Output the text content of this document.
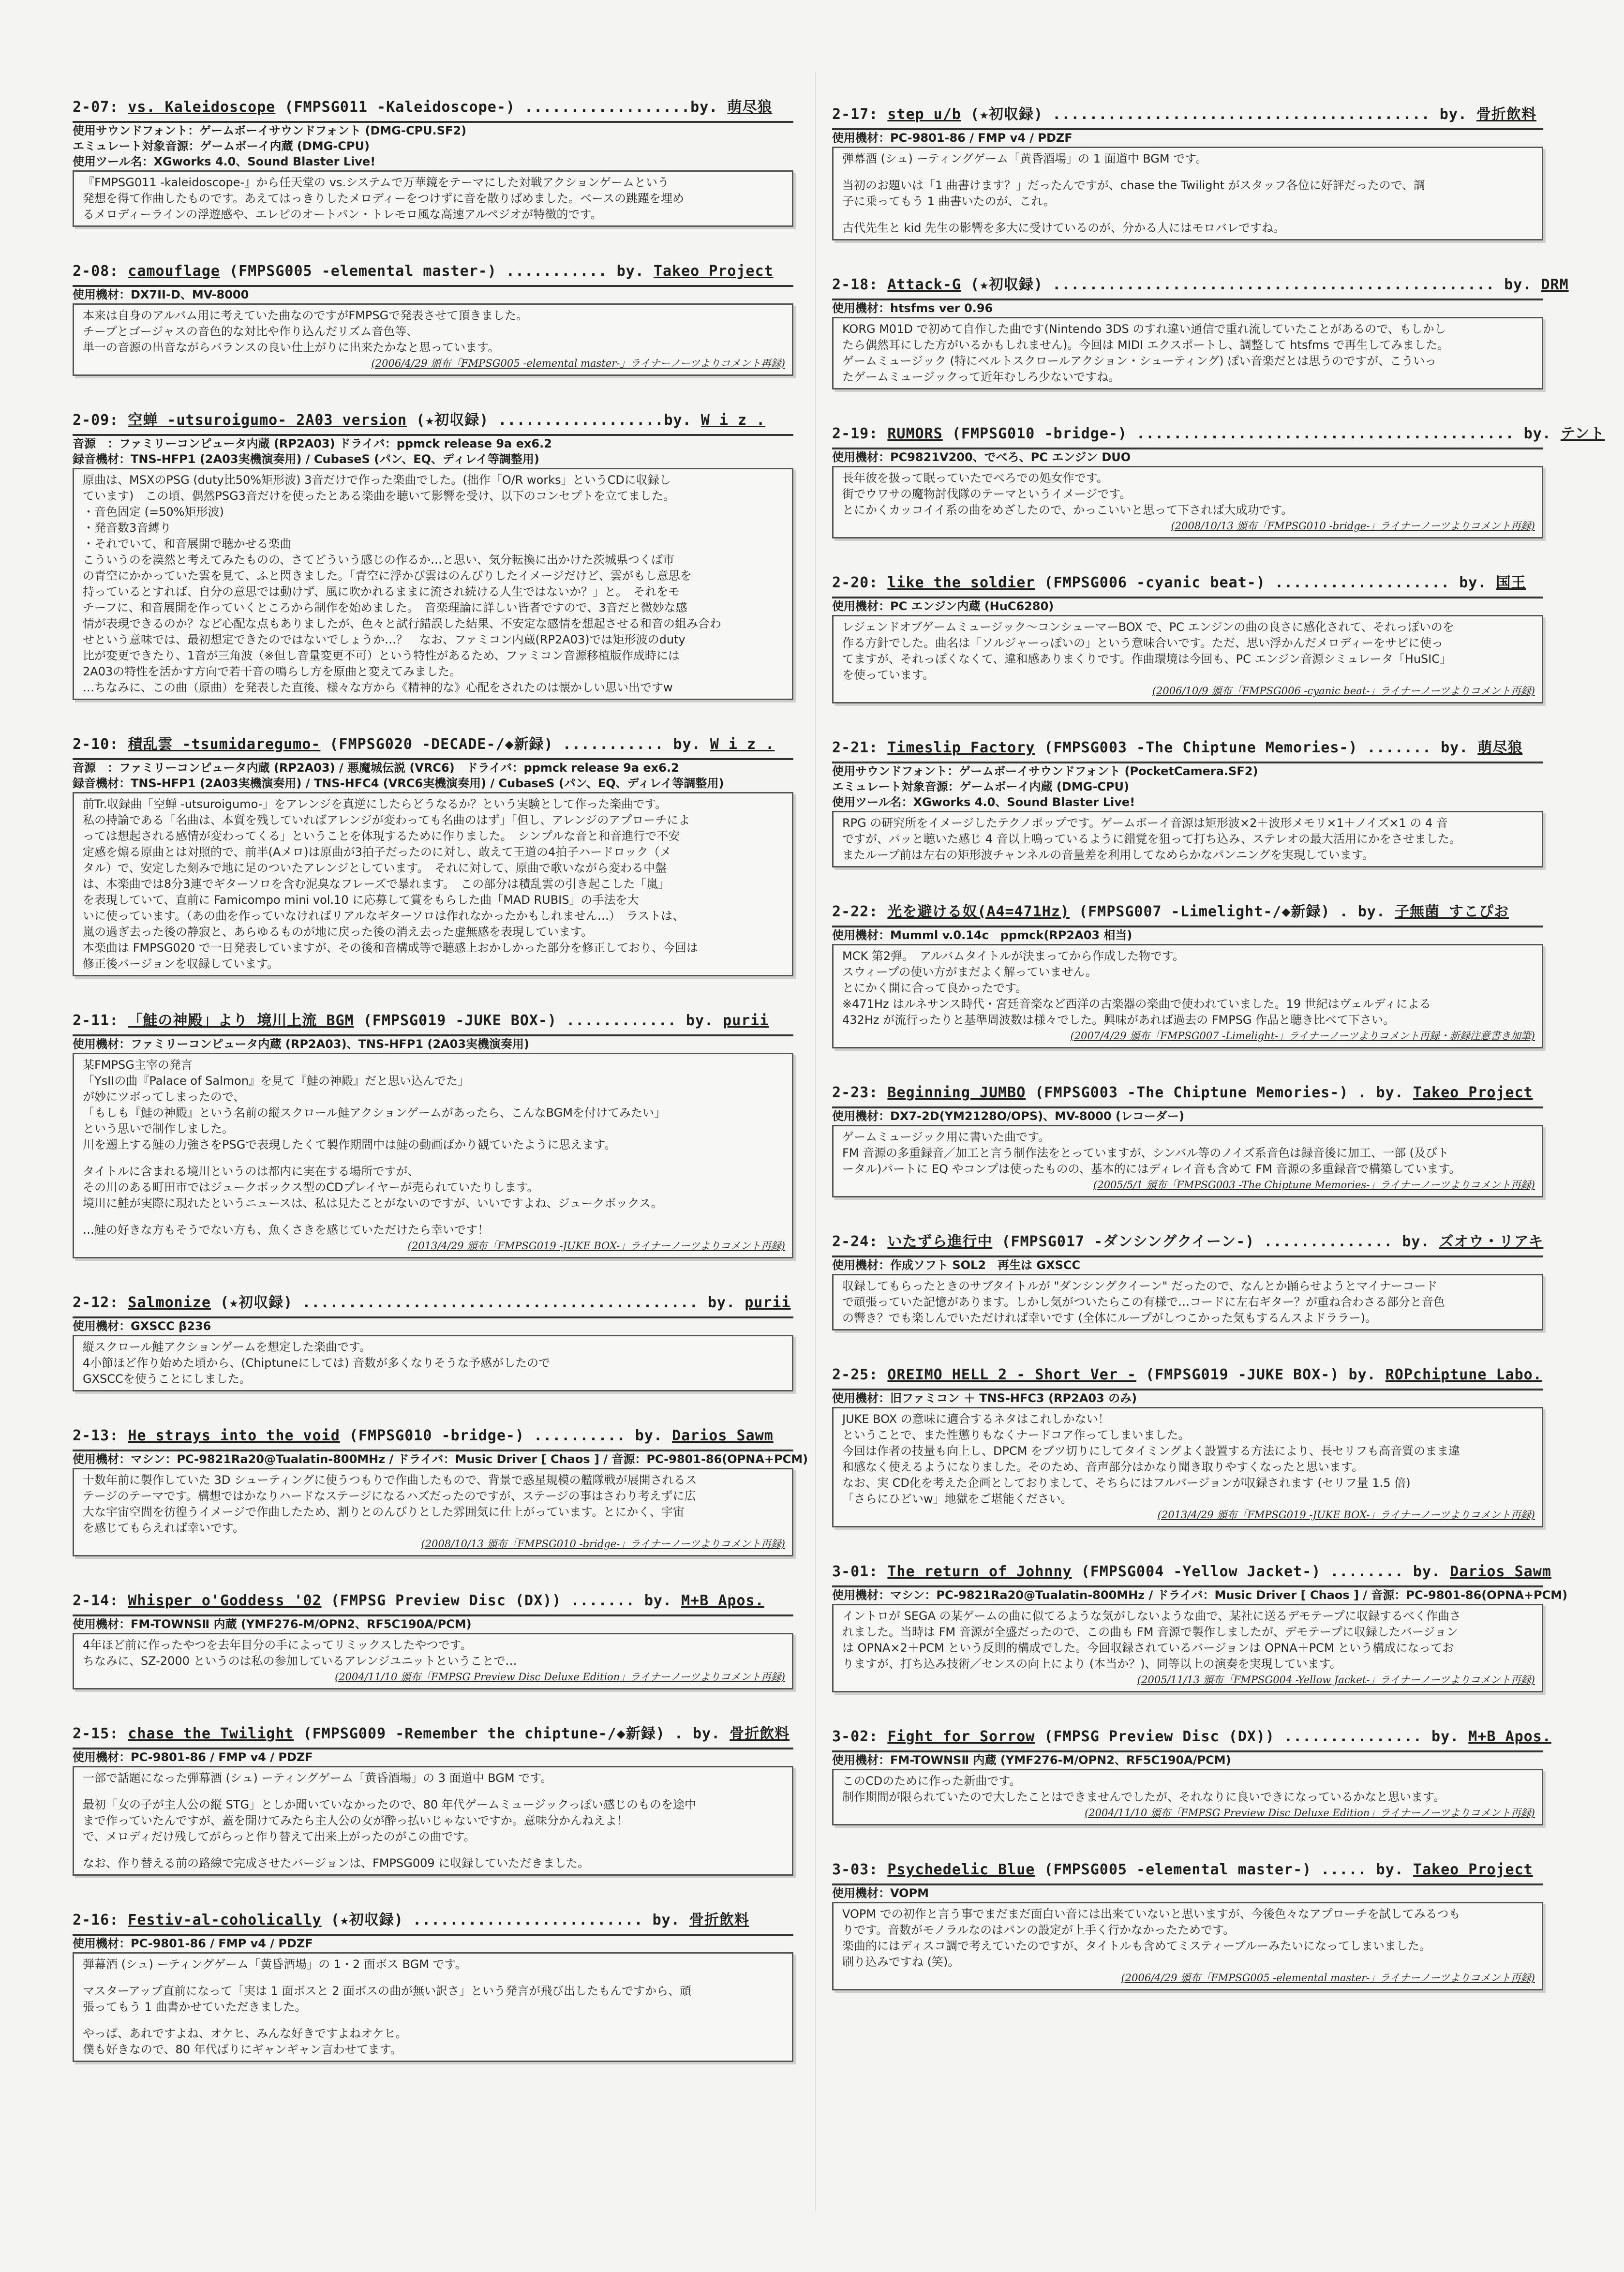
2-07: vs. Kaleidoscope (FMPSG011 -Kaleidoscope-) ..................by. 萌尽狼
使用サウンドフォント：ゲームボーイサウンドフォント (DMG-CPU.SF2)
エミュレート対象音源：ゲームボーイ内蔵 (DMG-CPU)
使用ツール名：XGworks 4.0、Sound Blaster Live!

『FMPSG011 -kaleidoscope-』から任天堂の vs.システムで万華鏡をテーマにした対戦アクションゲームという

発想を得て作曲したものです。あえてはっきりしたメロディーをつけずに音を散りばめました。ベースの跳躍を埋め

るメロディーラインの浮遊感や、エレピのオートパン・トレモロ風な高速アルペジオが特徴的です。

2-08: camouflage (FMPSG005 -elemental master-) ........... by. Takeo Project
使用機材：DX7II-D、MV-8000

本来は自身のアルバム用に考えていた曲なのですがFMPSGで発表させて頂きました。

チープとゴージャスの音色的な対比や作り込んだリズム音色等、

単一の音源の出音ながらバランスの良い仕上がりに出来たかなと思っています。

(2006/4/29 頒布「FMPSG005 -elemental master-」ライナーノーツよりコメント再録)
2-09: 空蝉 -utsuroigumo- 2A03 version (★初収録) ..................by. W i z .
音源　：ファミリーコンピュータ内蔵 (RP2A03) ドライバ：ppmck release 9a ex6.2
録音機材：TNS-HFP1 (2A03実機演奏用) / CubaseS (パン、EQ、ディレイ等調整用)

原曲は、MSXのPSG (duty比50%矩形波) 3音だけで作った楽曲でした。(拙作「O/R works」というCDに収録し

ています)　この頃、偶然PSG3音だけを使ったとある楽曲を聴いて影響を受け、以下のコンセプトを立てました。

・音色固定 (=50%矩形波)

・発音数3音縛り

・それでいて、和音展開で聴かせる楽曲

こういうのを漠然と考えてみたものの、さてどういう感じの作るか…と思い、気分転換に出かけた茨城県つくば市

の青空にかかっていた雲を見て、ふと閃きました。「青空に浮かび雲はのんびりしたイメージだけど、雲がもし意思を

持っているとすれば、自分の意思では動けず、風に吹かれるままに流され続ける人生ではないか？」と。　それをモ

チーフに、和音展開を作っていくところから制作を始めました。　音楽理論に詳しい皆者ですので、3音だと微妙な感

情が表現できるのか？など心配な点もありましたが、色々と試行錯誤した結果、不安定な感情を想起させる和音の組み合わ

せという意味では、最初想定できたのではないでしょうか…？　なお、ファミコン内蔵(RP2A03)では矩形波のduty

比が変更できたり、1音が三角波（※但し音量変更不可）という特性があるため、ファミコン音源移植版作成時には

2A03の特性を活かす方向で若干音の鳴らし方を原曲と変えてみました。

…ちなみに、この曲（原曲）を発表した直後、様々な方から《精神的な》心配をされたのは懐かしい思い出ですw

2-10: 積乱雲 -tsumidaregumo- (FMPSG020 -DECADE-/◆新録) ........... by. W i z .
音源　：ファミリーコンピュータ内蔵 (RP2A03) / 悪魔城伝説 (VRC6)　ドライバ：ppmck release 9a ex6.2
録音機材：TNS-HFP1 (2A03実機演奏用) / TNS-HFC4 (VRC6実機演奏用) / CubaseS (パン、EQ、ディレイ等調整用)

前Tr.収録曲「空蝉 -utsuroigumo-」をアレンジを真逆にしたらどうなるか？という実験として作った楽曲です。

私の持論である「名曲は、本質を残していればアレンジが変わっても名曲のはず」「但し、アレンジのアプローチによ

っては想起される感情が変わってくる」ということを体現するために作りました。　シンプルな音と和音進行で不安

定感を煽る原曲とは対照的で、前半(Aメロ)は原曲が3拍子だったのに対し、敢えて王道の4拍子ハードロック（メ

タル）で、安定した刻みで地に足のついたアレンジとしています。　それに対して、原曲で歌いながら変わる中盤

は、本楽曲では8分3連でギターソロを含む泥臭なフレーズで暴れます。　この部分は積乱雲の引き起こした「嵐」

を表現していて、直前に Famicompo mini vol.10 に応募して賞をもらした曲「MAD RUBIS」の手法を大

いに使っています。（あの曲を作っていなければリアルなギターソロは作れなかったかもしれません…）　ラストは、

嵐の過ぎ去った後の静寂と、あらゆるものが地に戻った後の消え去った虚無感を表現しています。

本楽曲は FMPSG020 で一日発表していますが、その後和音構成等で聴感上おかしかった部分を修正しており、今回は

修正後バージョンを収録しています。

2-11: 「鮭の神殿」より 境川上流 BGM (FMPSG019 -JUKE BOX-) ............ by. purii
使用機材：ファミリーコンピュータ内蔵 (RP2A03)、TNS-HFP1 (2A03実機演奏用)

某FMPSG主宰の発言

「YsIIの曲『Palace of Salmon』を見て『鮭の神殿』だと思い込んでた」

が妙にツボってしまったので、

「もしも『鮭の神殿』という名前の縦スクロール鮭アクションゲームがあったら、こんなBGMを付けてみたい」

という思いで制作しました。

川を遡上する鮭の力強さをPSGで表現したくて製作期間中は鮭の動画ばかり観ていたように思えます。

タイトルに含まれる境川というのは都内に実在する場所ですが、

その川のある町田市ではジュークボックス型のCDプレイヤーが売られていたりします。

境川に鮭が実際に現れたというニュースは、私は見たことがないのですが、いいですよね、ジュークボックス。

…鮭の好きな方もそうでない方も、魚くさきを感じていただけたら幸いです！

(2013/4/29 頒布「FMPSG019 -JUKE BOX-」ライナーノーツよりコメント再録)
2-12: Salmonize (★初収録) ........................................... by. purii
使用機材：GXSCC β236

縦スクロール鮭アクションゲームを想定した楽曲です。

4小節ほど作り始めた頃から、(Chiptuneにしては) 音数が多くなりそうな予感がしたので

GXSCCを使うことにしました。

2-13: He strays into the void (FMPSG010 -bridge-) .......... by. Darios Sawm
使用機材：マシン：PC-9821Ra20@Tualatin-800MHz / ドライバ：Music Driver [ Chaos ] / 音源：PC-9801-86(OPNA+PCM)

十数年前に製作していた 3D シューティングに使うつもりで作曲したもので、背景で惑星規模の艦隊戦が展開されるス

テージのテーマです。構想ではかなりハードなステージになるハズだったのですが、ステージの事はさわり考えずに広

大な宇宙空間を彷徨うイメージで作曲したため、割りとのんびりとした雰囲気に仕上がっています。とにかく、宇宙

を感じてもらえれば幸いです。

(2008/10/13 頒布「FMPSG010 -bridge-」ライナーノーツよりコメント再録)
2-14: Whisper o'Goddess '02 (FMPSG Preview Disc (DX)) ....... by. M+B Apos.
使用機材：FM-TOWNSⅡ 内蔵 (YMF276-M/OPN2、RF5C190A/PCM)

4年ほど前に作ったやつを去年目分の手によってリミックスしたやつです。

ちなみに、SZ-2000 というのは私の参加しているアレンジユニットということで…

(2004/11/10 頒布「FMPSG Preview Disc Deluxe Edition」ライナーノーツよりコメント再録)
2-15: chase the Twilight (FMPSG009 -Remember the chiptune-/◆新録) . by. 骨折飲料
使用機材：PC-9801-86 / FMP v4 / PDZF

一部で話題になった弾幕酒 (シュ) ーティングゲーム「黄昏酒場」の 3 面道中 BGM です。

最初「女の子が主人公の縦 STG」としか聞いていなかったので、80 年代ゲームミュージックっぽい感じのものを途中

まで作っていたんですが、蓋を開けてみたら主人公の女が酔っ払いじゃないですか。意味分かんねえよ！

で、メロディだけ残してがらっと作り替えて出来上がったのがこの曲です。

なお、作り替える前の路線で完成させたバージョンは、FMPSG009 に収録していただきました。

2-16: Festiv-al-coholically (★初収録) ......................... by. 骨折飲料
使用機材：PC-9801-86 / FMP v4 / PDZF

弾幕酒 (シュ) ーティングゲーム「黄昏酒場」の 1・2 面ボス BGM です。

マスターアップ直前になって「実は 1 面ボスと 2 面ボスの曲が無い訳さ」という発言が飛び出したもんですから、頑

張ってもう 1 曲書かせていただきました。

やっぱ、あれですよね、オケヒ、みんな好きですよねオケヒ。

僕も好きなので、80 年代ばりにギャンギャン言わせてます。

2-17: step u/b (★初収録) ......................................... by. 骨折飲料
使用機材：PC-9801-86 / FMP v4 / PDZF

弾幕酒 (シュ) ーティングゲーム「黄昏酒場」の 1 面道中 BGM です。

当初のお題いは「1 曲書けます？」だったんですが、chase the Twilight がスタッフ各位に好評だったので、調

子に乗ってもう 1 曲書いたのが、これ。

古代先生と kid 先生の影響を多大に受けているのが、分かる人にはモロバレですね。

2-18: Attack-G (★初収録) ................................................ by. DRM
使用機材：htsfms ver 0.96

KORG M01D で初めて自作した曲です(Nintendo 3DS のすれ違い通信で重れ流していたことがあるので、もしかし

たら偶然耳にした方がいるかもしれません)。今回は MIDI エクスポートし、調整して htsfms で再生してみました。

ゲームミュージック (特にベルトスクロールアクション・シューティング) ぽい音楽だとは思うのですが、こういっ

たゲームミュージックって近年むしろ少ないですね。

2-19: RUMORS (FMPSG010 -bridge-) ......................................... by. テント
使用機材：PC9821V200、でべろ、PC エンジン DUO

長年彼を扱って眠っていたでべろでの処女作です。

街でウワサの魔物討伐隊のテーマというイメージです。

とにかくカッコイイ系の曲をめざしたので、かっこいいと思って下されば大成功です。

(2008/10/13 頒布「FMPSG010 -bridge-」ライナーノーツよりコメント再録)
2-20: like the soldier (FMPSG006 -cyanic beat-) ................... by. 国王
使用機材：PC エンジン内蔵 (HuC6280)

レジェンドオブゲームミュージック～コンシューマーBOX で、PC エンジンの曲の良さに感化されて、それっぽいのを

作る方針でした。曲名は「ソルジャーっぽいの」という意味合いです。ただ、思い浮かんだメロディーをサビに使っ

てますが、それっぽくなくて、違和感ありまくりです。作曲環境は今回も、PC エンジン音源シミュレータ「HuSIC」

を使っています。

(2006/10/9 頒布「FMPSG006 -cyanic beat-」ライナーノーツよりコメント再録)
2-21: Timeslip Factory (FMPSG003 -The Chiptune Memories-) ....... by. 萌尽狼
使用サウンドフォント：ゲームボーイサウンドフォント (PocketCamera.SF2)
エミュレート対象音源：ゲームボーイ内蔵 (DMG-CPU)
使用ツール名：XGworks 4.0、Sound Blaster Live!

RPG の研究所をイメージしたテクノポップです。ゲームボーイ音源は矩形波×2＋波形メモリ×1＋ノイズ×1 の 4 音

ですが、パッと聴いた感じ 4 音以上鳴っているように錯覚を狙って打ち込み、ステレオの最大活用にかをさせました。

またループ前は左右の矩形波チャンネルの音量差を利用してなめらかなパンニングを実現しています。

2-22: 光を避ける奴(A4=471Hz) (FMPSG007 -Limelight-/◆新録) . by. 子無菌 すこぴお
使用機材：Mumml v.0.14c　ppmck(RP2A03 相当)

MCK 第2弾。　アルバムタイトルが決まってから作成した物です。

スウィープの使い方がまだよく解っていません。

とにかく開に合って良かったです。

※471Hz はルネサンス時代・宮廷音楽など西洋の古楽器の楽曲で使われていました。19 世紀はヴェルディによる

432Hz が流行ったりと基準周波数は様々でした。興味があれば過去の FMPSG 作品と聴き比べて下さい。

(2007/4/29 頒布「FMPSG007 -Limelight-」ライナーノーツよりコメント再録・新録注意書き加筆)
2-23: Beginning JUMBO (FMPSG003 -The Chiptune Memories-) . by. Takeo Project
使用機材：DX7-2D(YM2128O/OPS)、MV-8000 (レコーダー)

ゲームミュージック用に書いた曲です。

FM 音源の多重録音／加工と言う制作法をとっていますが、シンバル等のノイズ系音色は録音後に加工、一部 (及びト

ータル)パートに EQ やコンプは使ったものの、基本的にはディレイ音も含めて FM 音源の多重録音で構築しています。

(2005/5/1 頒布「FMPSG003 -The Chiptune Memories-」ライナーノーツよりコメント再録)
2-24: いたずら進行中 (FMPSG017 -ダンシングクイーン-) .............. by. ズオウ・リアキ
使用機材：作成ソフト SOL2　再生は GXSCC

収録してもらったときのサブタイトルが "ダンシングクイーン" だったので、なんとか踊らせようとマイナーコード

で頑張っていた記憶があります。しかし気がついたらこの有様で…コードに左右ギター？が重ね合わさる部分と音色

の響き？でも楽しんでいただければ幸いです (全体にループがしつこかった気もするんスよドララー)。

2-25: OREIMO HELL 2 - Short Ver - (FMPSG019 -JUKE BOX-) by. ROPchiptune Labo.
使用機材：旧ファミコン ＋ TNS-HFC3 (RP2A03 のみ)

JUKE BOX の意味に適合するネタはこれしかない！

ということで、また性懲りもなくナードコア作ってしまいました。

今回は作者の技量も向上し、DPCM をブツ切りにしてタイミングよく設置する方法により、長セリフも高音質のまま違

和感なく使えるようになりました。そのため、音声部分はかなり聞き取りやすくなったと思います。

なお、実 CD化を考えた企画としておりまして、そちらにはフルバージョンが収録されます (セリフ量 1.5 倍)

「さらにひどいw」地獄をご堪能ください。

(2013/4/29 頒布「FMPSG019 -JUKE BOX-」ライナーノーツよりコメント再録)
3-01: The return of Johnny (FMPSG004 -Yellow Jacket-) ........ by. Darios Sawm
使用機材：マシン：PC-9821Ra20@Tualatin-800MHz / ドライバ：Music Driver [ Chaos ] / 音源：PC-9801-86(OPNA+PCM)

イントロが SEGA の某ゲームの曲に似てるような気がしないような曲で、某社に送るデモテープに収録するべく作曲さ

れました。当時は FM 音源が全盛だったので、この曲も FM 音源で製作しましたが、デモテープに収録したバージョン

は OPNA×2＋PCM という反則的構成でした。今回収録されているバージョンは OPNA＋PCM という構成になってお

りますが、打ち込み技術／センスの向上により (本当か？)、同等以上の演奏を実現しています。

(2005/11/13 頒布「FMPSG004 -Yellow Jacket-」ライナーノーツよりコメント再録)
3-02: Fight for Sorrow (FMPSG Preview Disc (DX)) ............... by. M+B Apos.
使用機材：FM-TOWNSⅡ 内蔵 (YMF276-M/OPN2、RF5C190A/PCM)

このCDのために作った新曲です。

制作期間が限られていたので大したことはできませんでしたが、それなりに良いできになっているかなと思います。

(2004/11/10 頒布「FMPSG Preview Disc Deluxe Edition」ライナーノーツよりコメント再録)
3-03: Psychedelic Blue (FMPSG005 -elemental master-) ..... by. Takeo Project
使用機材：VOPM

VOPM での初作と言う事でまだまだ面白い音には出来ていないと思いますが、今後色々なアプローチを試してみるつも

りです。音数がモノラルなのはパンの設定が上手く行かなかったためです。

楽曲的にはディスコ調で考えていたのですが、タイトルも含めてミスティーブルーみたいになってしまいました。

刷り込みですね (笑)。

(2006/4/29 頒布「FMPSG005 -elemental master-」ライナーノーツよりコメント再録)
